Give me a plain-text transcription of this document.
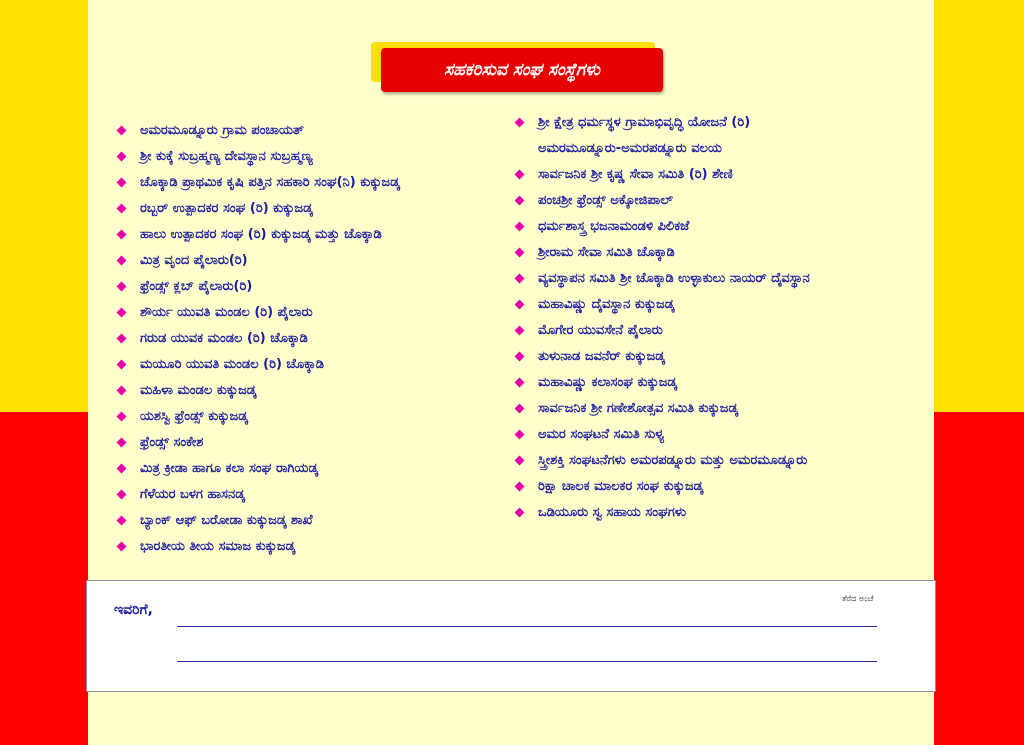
ಸಹಕರಿಸುವ ಸಂಘ ಸಂಸ್ಥೆಗಳು
ಅಮರಮೂಡ್ನೂರು ಗ್ರಾಮ ಪಂಚಾಯತ್
ಶ್ರೀ ಕುಕ್ಕೆ ಸುಬ್ರಹ್ಮಣ್ಯ ದೇವಸ್ಥಾನ ಸುಬ್ರಹ್ಮಣ್ಯ
ಚೊಕ್ಕಾಡಿ ಪ್ರಾಥಮಿಕ ಕೃಷಿ ಪತ್ತಿನ ಸಹಕಾರಿ ಸಂಘ(ನಿ) ಕುಕ್ಕುಜಡ್ಕ
ರಬ್ಬರ್ ಉತ್ಪಾದಕರ ಸಂಘ (ರಿ) ಕುಕ್ಕುಜಡ್ಕ
ಹಾಲು ಉತ್ಪಾದಕರ ಸಂಘ (ರಿ) ಕುಕ್ಕುಜಡ್ಕ ಮತ್ತು ಚೊಕ್ಕಾಡಿ
ಮಿತ್ರ ವೃಂದ ಪೈಲಾರು(ರಿ)
ಫ್ರೆಂಡ್ಸ್ ಕ್ಲಬ್ ಪೈಲಾರು(ರಿ)
ಶೌರ್ಯ ಯುವತಿ ಮಂಡಲ (ರಿ) ಪೈಲಾರು
ಗರುಡ ಯುವಕ ಮಂಡಲ (ರಿ) ಚೊಕ್ಕಾಡಿ
ಮಯೂರಿ ಯುವತಿ ಮಂಡಲ (ರಿ) ಚೊಕ್ಕಾಡಿ
ಮಹಿಳಾ ಮಂಡಲ ಕುಕ್ಕುಜಡ್ಕ
ಯಶಸ್ವಿ ಫ್ರೆಂಡ್ಸ್ ಕುಕ್ಕುಜಡ್ಕ
ಫ್ರೆಂಡ್ಸ್ ಸಂಕೇಶ
ಮಿತ್ರ ಕ್ರೀಡಾ ಹಾಗೂ ಕಲಾ ಸಂಘ ರಾಗಿಯಡ್ಕ
ಗೆಳೆಯರ ಬಳಗ ಹಾಸನಡ್ಕ
ಬ್ಯಾಂಕ್ ಆಫ್ ಬರೋಡಾ ಕುಕ್ಕುಜಡ್ಕ ಶಾಖೆ
ಭಾರತೀಯ ತೀಯ ಸಮಾಜ ಕುಕ್ಕುಜಡ್ಕ
ಶ್ರೀ ಕ್ಷೇತ್ರ ಧರ್ಮಸ್ಥಳ ಗ್ರಾಮಾಭಿವೃದ್ಧಿ ಯೋಜನೆ (ರಿ)
ಅಮರಮೂಡ್ನೂರು-ಅಮರಪಡ್ನೂರು ವಲಯ
ಸಾರ್ವಜನಿಕ ಶ್ರೀ ಕೃಷ್ಣ ಸೇವಾ ಸಮಿತಿ (ರಿ) ಶೇಣಿ
ಪಂಚಶ್ರೀ ಫ್ರೆಂಡ್ಸ್ ಅಕ್ಕೋಜಿಪಾಲ್
ಧರ್ಮಶಾಸ್ತ್ರ ಭಜನಾಮಂಡಳಿ ಪಿಲಿಕಜೆ
ಶ್ರೀರಾಮ ಸೇವಾ ಸಮಿತಿ ಚೊಕ್ಕಾಡಿ
ವ್ಯವಸ್ಥಾಪನ ಸಮಿತಿ ಶ್ರೀ ಚೊಕ್ಕಾಡಿ ಉಳ್ಳಾಕುಲು ನಾಯರ್ ದೈವಸ್ಥಾನ
ಮಹಾವಿಷ್ಣು ದೈವಸ್ಥಾನ ಕುಕ್ಕುಜಡ್ಕ
ಮೊಗೇರ ಯುವಸೇನೆ ಪೈಲಾರು
ತುಳುನಾಡ ಜವನೆರ್ ಕುಕ್ಕುಜಡ್ಕ
ಮಹಾವಿಷ್ಣು ಕಲಾಸಂಘ ಕುಕ್ಕುಜಡ್ಕ
ಸಾರ್ವಜನಿಕ ಶ್ರೀ ಗಣೇಶೋತ್ಸವ ಸಮಿತಿ ಕುಕ್ಕುಜಡ್ಕ
ಅಮರ ಸಂಘಟನೆ ಸಮಿತಿ ಸುಳ್ಯ
ಸ್ತ್ರೀಶಕ್ತಿ ಸಂಘಟನೆಗಳು ಅಮರಪಡ್ನೂರು ಮತ್ತು ಅಮರಮೂಡ್ನೂರು
ರಿಕ್ಷಾ ಚಾಲಕ ಮಾಲಕರ ಸಂಘ ಕುಕ್ಕುಜಡ್ಕ
ಒಡಿಯೂರು ಸ್ವ ಸಹಾಯ ಸಂಘಗಳು
ಇವರಿಗೆ,
ತೆರೆದ ಅಂಚೆ
